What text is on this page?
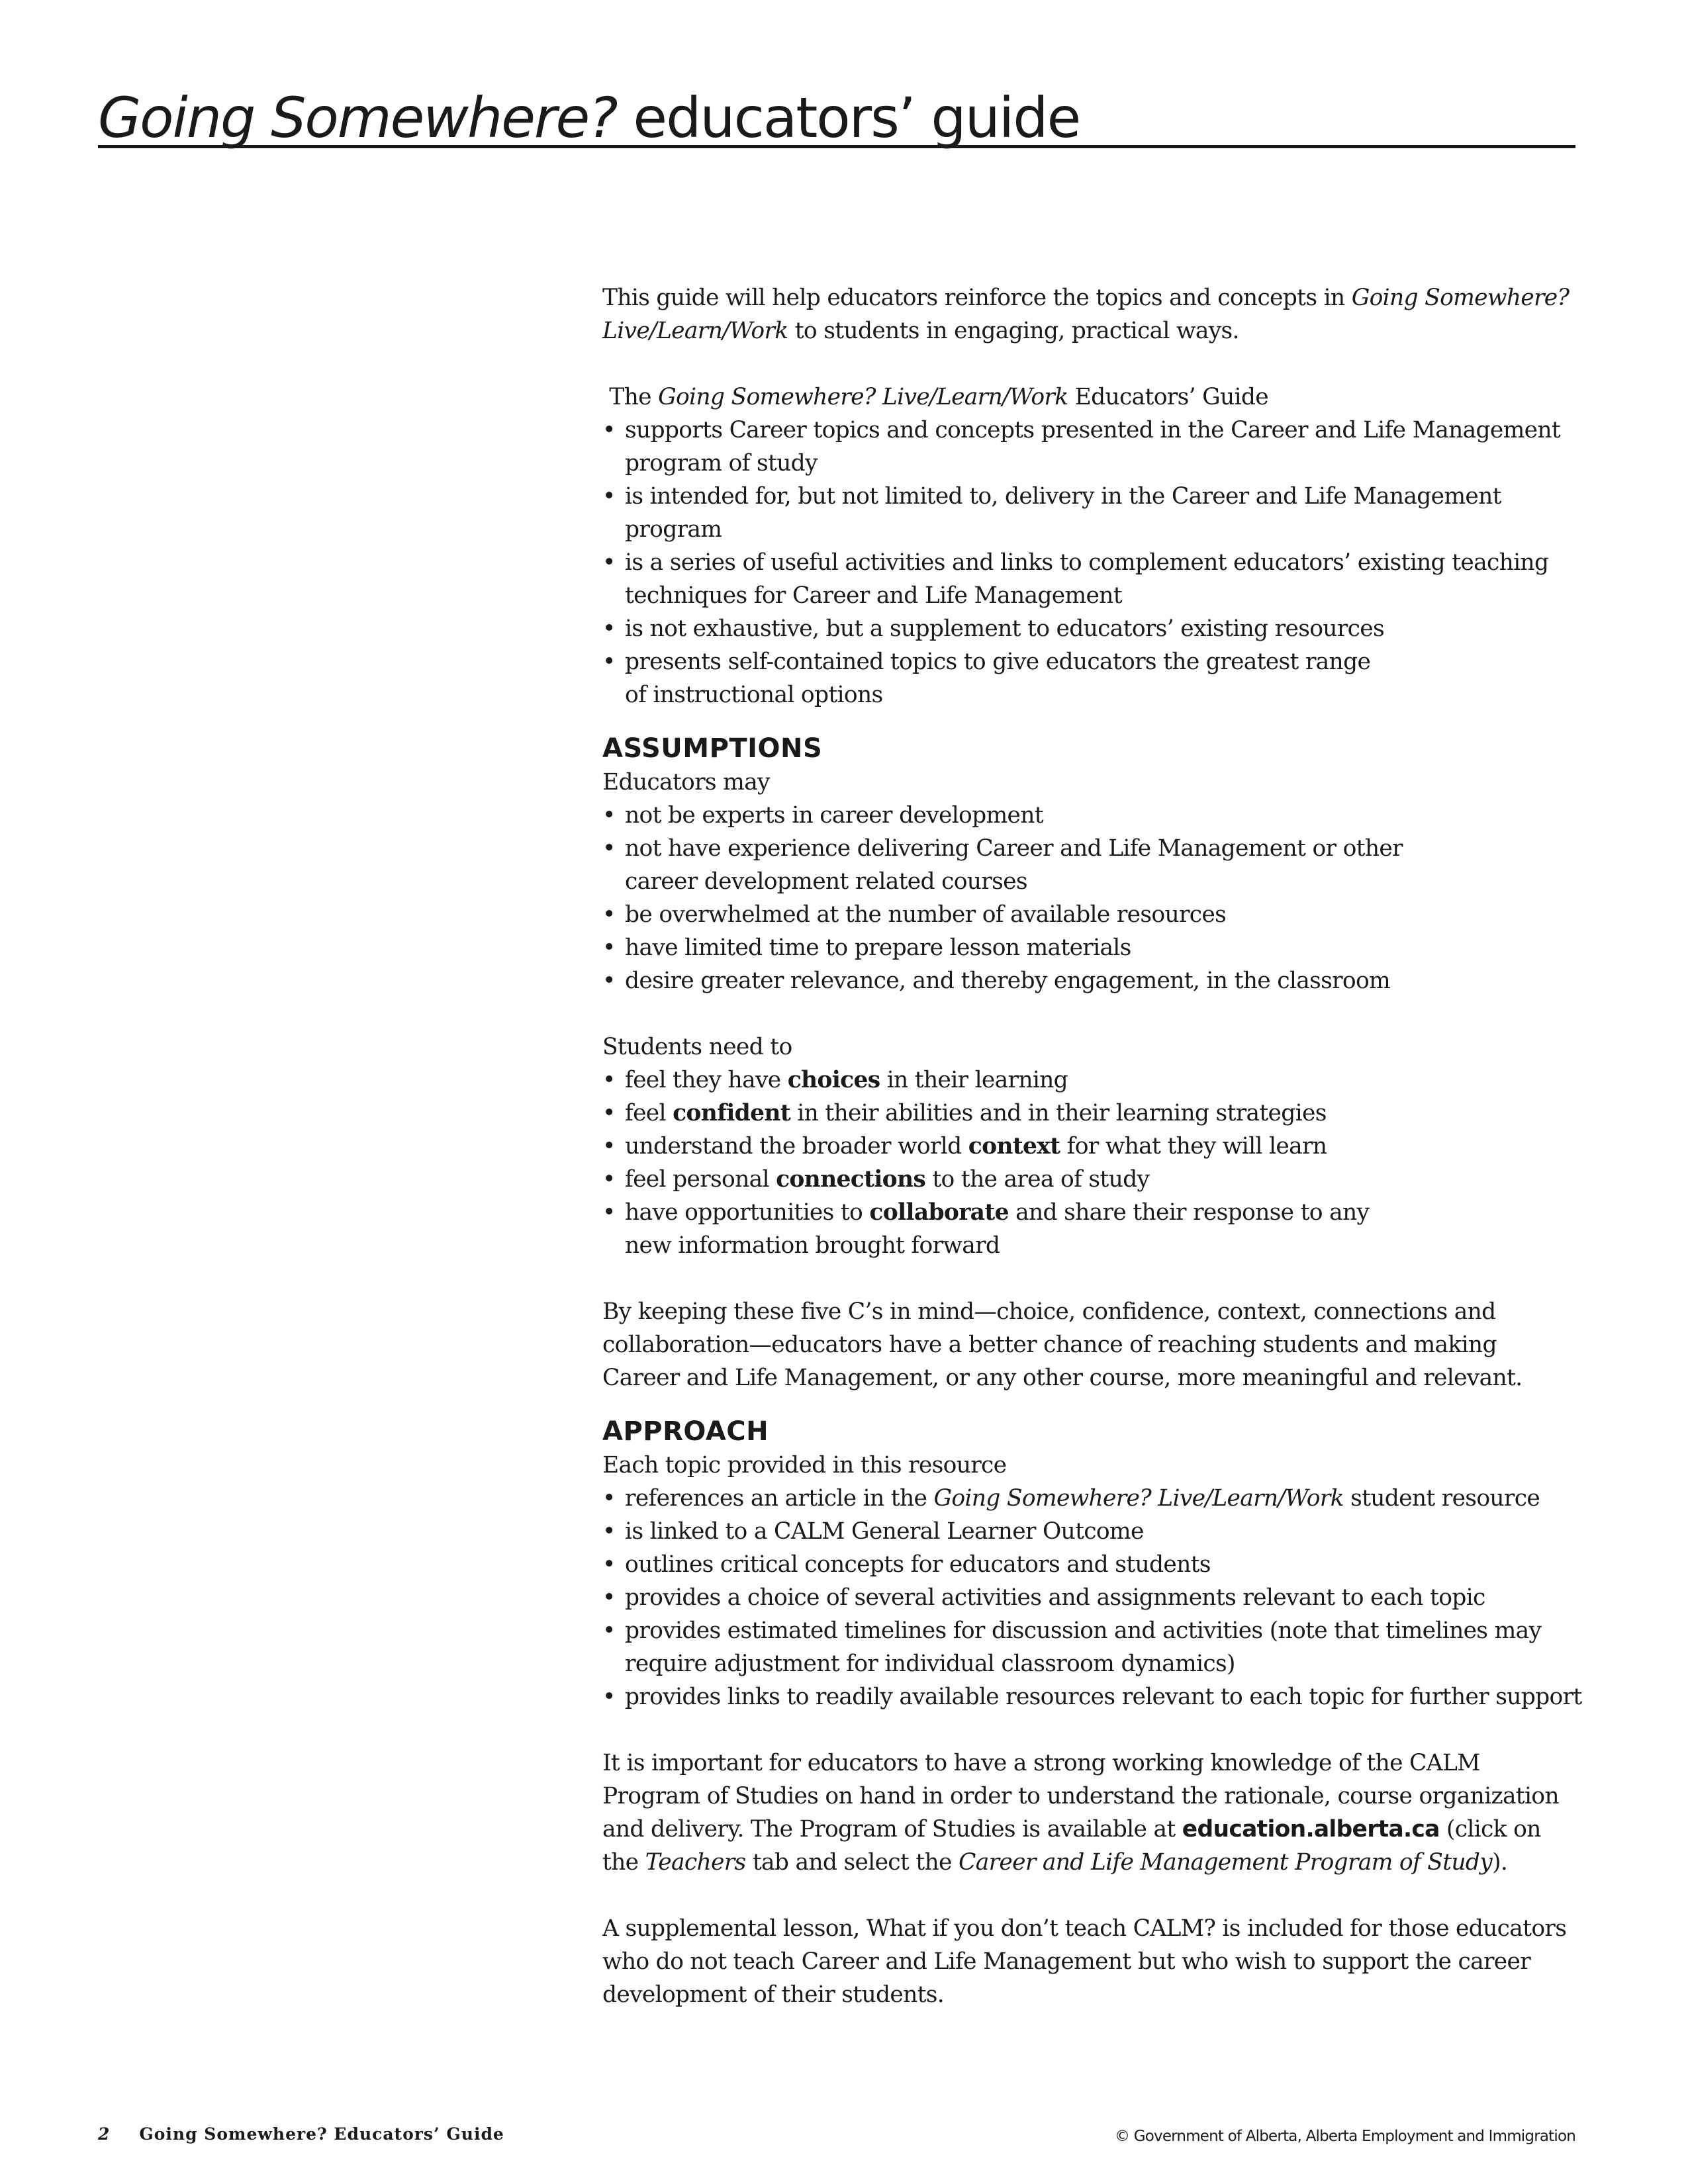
Going Somewhere? educators’ guide

This guide will help educators reinforce the topics and concepts in Going Somewhere? Live/Learn/Work to students in engaging, practical ways.

The Going Somewhere? Live/Learn/Work Educators’ Guide

• supports Career topics and concepts presented in the Career and Life Management
program of study
• is intended for, but not limited to, delivery in the Career and Life Management
program
• is a series of useful activities and links to complement educators’ existing teaching
techniques for Career and Life Management
• is not exhaustive, but a supplement to educators’ existing resources
• presents self-contained topics to give educators the greatest range
of instructional options
ASSUMPTIONS

Educators may

• not be experts in career development
• not have experience delivering Career and Life Management or other
career development related courses
• be overwhelmed at the number of available resources
• have limited time to prepare lesson materials
• desire greater relevance, and thereby engagement, in the classroom

Students need to

• feel they have choices in their learning
• feel confident in their abilities and in their learning strategies
• understand the broader world context for what they will learn
• feel personal connections to the area of study
• have opportunities to collaborate and share their response to any
new information brought forward

By keeping these five C’s in mind—choice, confidence, context, connections and
collaboration—educators have a better chance of reaching students and making
Career and Life Management, or any other course, more meaningful and relevant.

APPROACH

Each topic provided in this resource

• references an article in the Going Somewhere? Live/Learn/Work student resource
• is linked to a CALM General Learner Outcome
• outlines critical concepts for educators and students
• provides a choice of several activities and assignments relevant to each topic
• provides estimated timelines for discussion and activities (note that timelines may
require adjustment for individual classroom dynamics)
• provides links to readily available resources relevant to each topic for further support

It is important for educators to have a strong working knowledge of the CALM
Program of Studies on hand in order to understand the rationale, course organization
and delivery. The Program of Studies is available at education.alberta.ca (click on
the Teachers tab and select the Career and Life Management Program of Study).

A supplemental lesson, What if you don’t teach CALM? is included for those educators
who do not teach Career and Life Management but who wish to support the career
development of their students.

2 Going Somewhere? Educators’ Guide	© Government of Alberta, Alberta Employment and Immigration
